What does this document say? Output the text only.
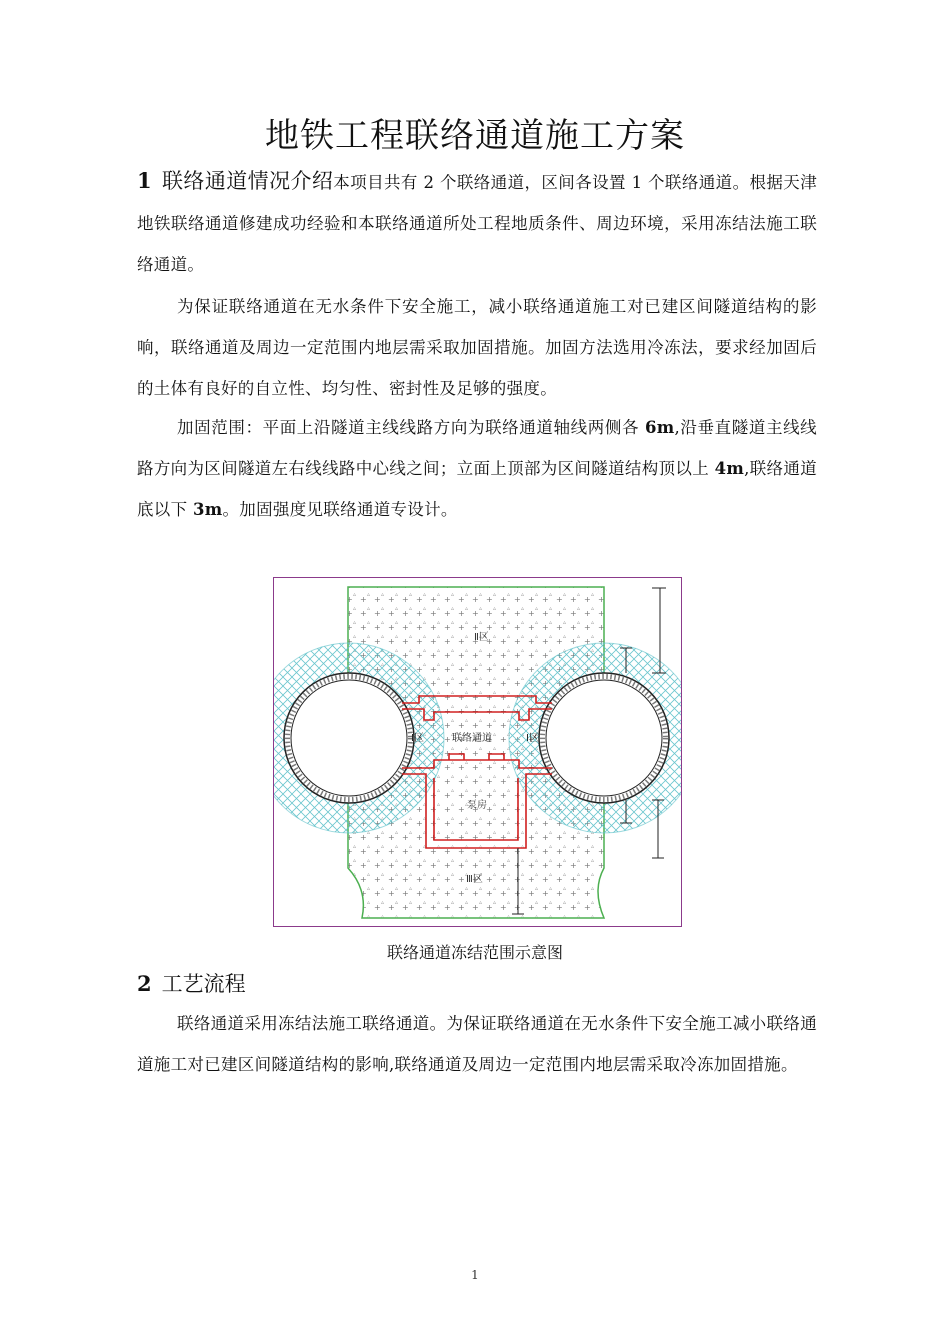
地铁工程联络通道施工方案
1 联络通道情况介绍本项目共有 2 个联络通道，区间各设置 1 个联络通道。根据天津地铁联络通道修建成功经验和本联络通道所处工程地质条件、周边环境，采用冻结法施工联络通道。
为保证联络通道在无水条件下安全施工，减小联络通道施工对已建区间隧道结构的影响，联络通道及周边一定范围内地层需采取加固措施。加固方法选用冷冻法，要求经加固后的土体有良好的自立性、均匀性、密封性及足够的强度。
加固范围：平面上沿隧道主线线路方向为联络通道轴线两侧各 6m,沿垂直隧道主线线路方向为区间隧道左右线线路中心线之间；立面上顶部为区间隧道结构顶以上 4m,联络通道底以下 3m。加固强度见联络通道专设计。
Ⅱ区
Ⅰ区	Ⅰ区
联络通道
泵房
Ⅲ区
联络通道冻结范围示意图
2 工艺流程
联络通道采用冻结法施工联络通道。为保证联络通道在无水条件下安全施工减小联络通道施工对已建区间隧道结构的影响,联络通道及周边一定范围内地层需采取冷冻加固措施。
1
